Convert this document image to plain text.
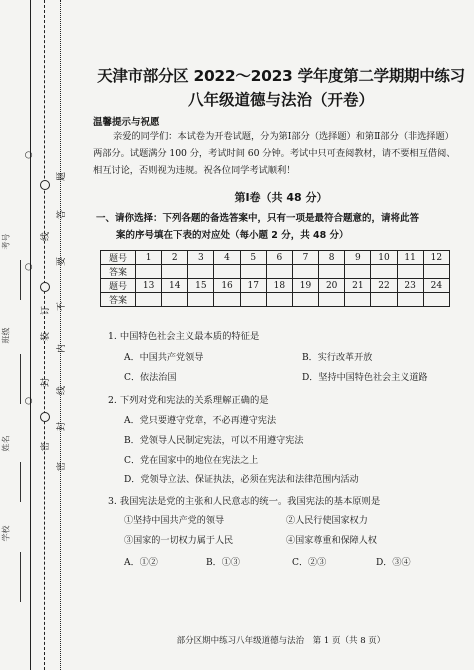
线
订
装
封
密
题
答
要
不
内
线
封
密
考号
班级
姓名
学校
○
○
○
天津市部分区 2022～2023 学年度第二学期期中练习
八年级道德与法治（开卷）
温馨提示与祝愿
亲爱的同学们：本试卷为开卷试题，分为第Ⅰ部分（选择题）和第Ⅱ部分（非选择题）两部分。试题满分 100 分，考试时间 60 分钟。考试中只可查阅教材，请不要相互借阅、相互讨论，否则视为违规。祝各位同学考试顺利！
第Ⅰ卷（共 48 分）
一、请你选择：下列各题的备选答案中，只有一项是最符合题意的，请将此答
案的序号填在下表的对应处（每小题 2 分，共 48 分）
题号	1	2	3	4	5	6	7	8	9	10	11	12
答案												
题号	13	14	15	16	17	18	19	20	21	22	23	24
答案												
1. 中国特色社会主义最本质的特征是
A．中国共产党领导	B．实行改革开放
C．依法治国	D．坚持中国特色社会主义道路
2. 下列对党和宪法的关系理解正确的是
A．党只要遵守党章，不必再遵守宪法
B．党领导人民制定宪法，可以不用遵守宪法
C．党在国家中的地位在宪法之上
D．党领导立法、保证执法，必须在宪法和法律范围内活动
3. 我国宪法是党的主张和人民意志的统一。我国宪法的基本原则是
①坚持中国共产党的领导	②人民行使国家权力
③国家的一切权力属于人民	④国家尊重和保障人权
A．①②	B．①③	C．②③	D．③④
部分区期中练习八年级道德与法治　第 1 页（共 8 页）
